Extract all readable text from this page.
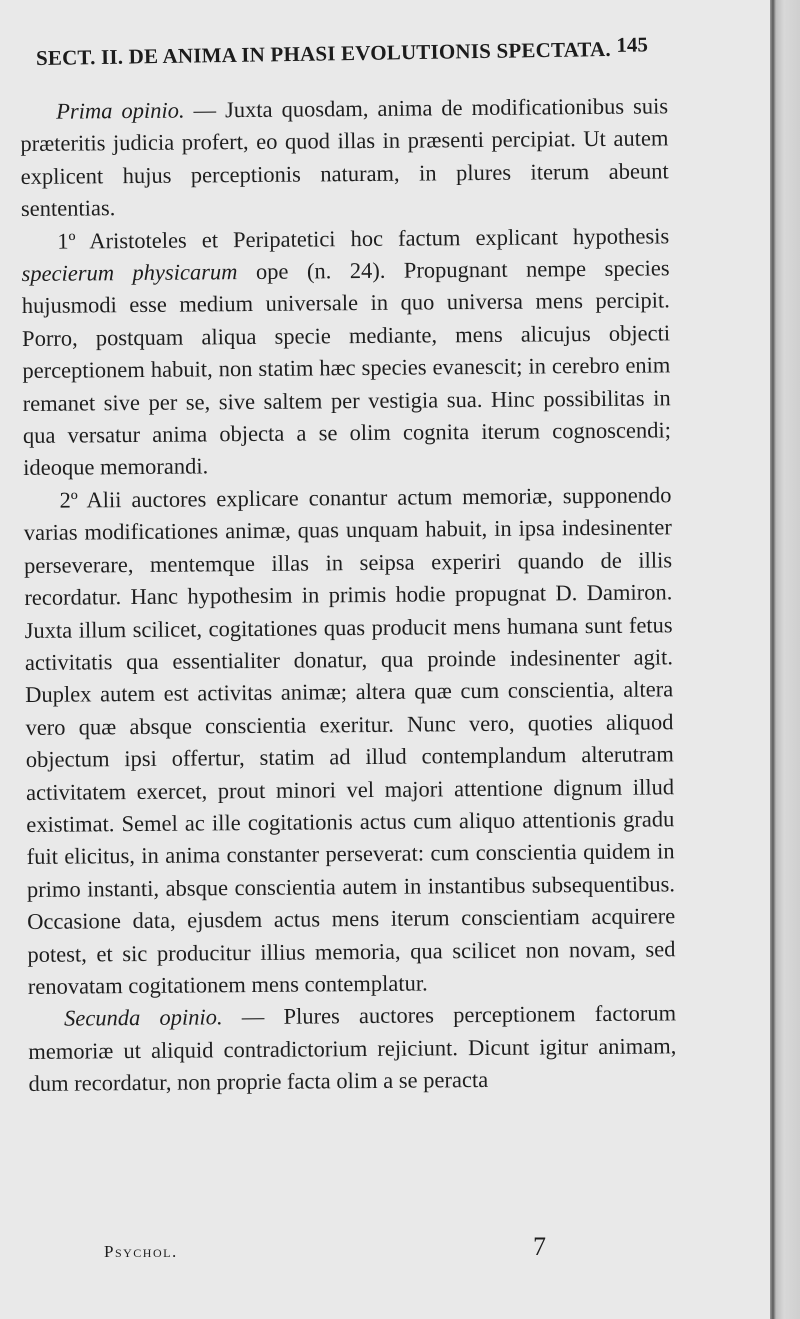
SECT. II. DE ANIMA IN PHASI EVOLUTIONIS SPECTATA. 145

Prima opinio. — Juxta quosdam, anima de modificationibus suis præteritis judicia profert, eo quod illas in præsenti percipiat. Ut autem explicent hujus perceptionis naturam, in plures iterum abeunt sententias.

1º Aristoteles et Peripatetici hoc factum explicant hypothesis specierum physicarum ope (n. 24). Propugnant nempe species hujusmodi esse medium universale in quo universa mens percipit. Porro, postquam aliqua specie mediante, mens alicujus objecti perceptionem habuit, non statim hæc species evanescit; in cerebro enim remanet sive per se, sive saltem per vestigia sua. Hinc possibilitas in qua versatur anima objecta a se olim cognita iterum cognoscendi; ideoque memorandi.

2º Alii auctores explicare conantur actum memoriæ, supponendo varias modificationes animæ, quas unquam habuit, in ipsa indesinenter perseverare, mentemque illas in seipsa experiri quando de illis recordatur. Hanc hypothesim in primis hodie propugnat D. Damiron. Juxta illum scilicet, cogitationes quas producit mens humana sunt fetus activitatis qua essentialiter donatur, qua proinde indesinenter agit. Duplex autem est activitas animæ; altera quæ cum conscientia, altera vero quæ absque conscientia exeritur. Nunc vero, quoties aliquod objectum ipsi offertur, statim ad illud contemplandum alterutram activitatem exercet, prout minori vel majori attentione dignum illud existimat. Semel ac ille cogitationis actus cum aliquo attentionis gradu fuit elicitus, in anima constanter perseverat: cum conscientia quidem in primo instanti, absque conscientia autem in instantibus subsequentibus. Occasione data, ejusdem actus mens iterum conscientiam acquirere potest, et sic producitur illius memoria, qua scilicet non novam, sed renovatam cogitationem mens contemplatur.

Secunda opinio. — Plures auctores perceptionem factorum memoriæ ut aliquid contradictorium rejiciunt. Dicunt igitur animam, dum recordatur, non proprie facta olim a se peracta

Psychol.	7
